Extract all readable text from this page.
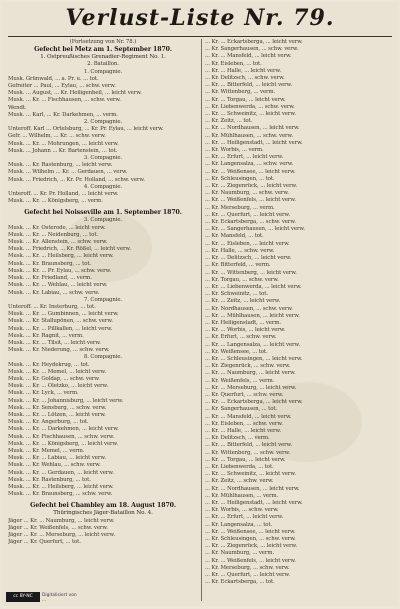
Verlust-Liste Nr. 79.
(Fortsetzung von Nr. 78.)
Gefecht bei Metz am 1. September 1870.
1. Ostpreußisches Grenadier-Regiment No. 1.
2. Bataillon.
1. Compagnie.
Musk. Grünwald, ... a. Pr. u. ... tot.
Gefreiter ... Paul, ... Eylau, ... schw. verw.
Musk. ... August, ... Kr. Heiligenbeil, ... leicht verw.
Musk. ... Kr. ... Fischhausen, ... schw. verw.
Wendt.
Musk. ... Karl, ... Kr. Darkehmen, ... verm.
2. Compagnie.
Unteroff. Karl ... Ortelsburg, ... Kr. Pr. Eylau, ... leicht verw.
Gefr. ... Wilhelm, ... Kr. ... schw. verw.
Musk. ... Kr. ... Mohrungen, ... leicht verw.
Musk. ... Johann ... Kr. Bartenstein, ... tot.
3. Compagnie.
Musk. ... Kr. Rastenburg, ... leicht verw.
Musk. ... Wilhelm ... Kr. ... Gerdauen, ... verw.
Musk. ... Friedrich, ... Kr. Pr. Holland, ... schw. verw.
4. Compagnie.
Unteroff. ... Kr. Pr. Holland, ... leicht verw.
Musk. ... Kr. ... Königsberg, ... verm.
Gefecht bei Noisseville am 1. September 1870.
3. Compagnie.
Musk. ... Kr. Osterode, ... leicht verw.
Musk. ... Kr. ... Neidenburg, ... tot.
Musk. ... Kr. Allenstein, ... schw. verw.
Musk. ... Friedrich, ... Kr. Rößel, ... leicht verw.
Musk. ... Kr. ... Heilsberg, ... leicht verw.
Musk. ... Kr. Braunsberg, ... tot.
Musk. ... Kr. ... Pr. Eylau, ... schw. verw.
Musk. ... Kr. Friedland, ... verm.
Musk. ... Kr. ... Wehlau, ... leicht verw.
Musk. ... Kr. Labiau, ... schw. verw.
7. Compagnie.
Unteroff. ... Kr. Insterburg, ... tot.
Musk. ... Kr. ... Gumbinnen, ... leicht verw.
Musk. ... Kr. Stallupönen, ... schw. verw.
Musk. ... Kr. ... Pillkallen, ... leicht verw.
Musk. ... Kr. Ragnit, ... verm.
Musk. ... Kr. ... Tilsit, ... leicht verw.
Musk. ... Kr. Niederung, ... schw. verw.
8. Compagnie.
Musk. ... Kr. Heydekrug, ... tot.
Musk. ... Kr. ... Memel, ... leicht verw.
Musk. ... Kr. Goldap, ... schw. verw.
Musk. ... Kr. ... Oletzko, ... leicht verw.
Musk. ... Kr. Lyck, ... verm.
Musk. ... Kr. ... Johannisburg, ... leicht verw.
Musk. ... Kr. Sensburg, ... schw. verw.
Musk. ... Kr. ... Lötzen, ... leicht verw.
Musk. ... Kr. Angerburg, ... tot.
Musk. ... Kr. ... Darkehmen, ... leicht verw.
Musk. ... Kr. Fischhausen, ... schw. verw.
Musk. ... Kr. ... Königsberg, ... leicht verw.
Musk. ... Kr. Memel, ... verm.
Musk. ... Kr. ... Labiau, ... leicht verw.
Musk. ... Kr. Wehlau, ... schw. verw.
Musk. ... Kr. ... Gerdauen, ... leicht verw.
Musk. ... Kr. Rastenburg, ... tot.
Musk. ... Kr. ... Heilsberg, ... leicht verw.
Musk. ... Kr. Braunsberg, ... schw. verw.
Gefecht bei Chambley am 18. August 1870.
Thüringisches Jäger-Bataillon No. 4.
Jäger ... Kr. ... Naumburg, ... leicht verw.
Jäger ... Kr. Weißenfels, ... schw. verw.
Jäger ... Kr. ... Merseburg, ... leicht verw.
Jäger ... Kr. Querfurt, ... tot.
... Kr. ... Eckartsberga, ... leicht verw.
... Kr. Sangerhausen, ... schw. verw.
... Kr. ... Mansfeld, ... leicht verw.
... Kr. Eisleben, ... tot.
... Kr. ... Halle, ... leicht verw.
... Kr. Delitzsch, ... schw. verw.
... Kr. ... Bitterfeld, ... leicht verw.
... Kr. Wittenberg, ... verm.
... Kr. ... Torgau, ... leicht verw.
... Kr. Liebenwerda, ... schw. verw.
... Kr. ... Schweinitz, ... leicht verw.
... Kr. Zeitz, ... tot.
... Kr. ... Nordhausen, ... leicht verw.
... Kr. Mühlhausen, ... schw. verw.
... Kr. ... Heiligenstadt, ... leicht verw.
... Kr. Worbis, ... verm.
... Kr. ... Erfurt, ... leicht verw.
... Kr. Langensalza, ... schw. verw.
... Kr. ... Weißensee, ... leicht verw.
... Kr. Schleusingen, ... tot.
... Kr. ... Ziegenrück, ... leicht verw.
... Kr. Naumburg, ... schw. verw.
... Kr. ... Weißenfels, ... leicht verw.
... Kr. Merseburg, ... verm.
... Kr. ... Querfurt, ... leicht verw.
... Kr. Eckartsberga, ... schw. verw.
... Kr. ... Sangerhausen, ... leicht verw.
... Kr. Mansfeld, ... tot.
... Kr. ... Eisleben, ... leicht verw.
... Kr. Halle, ... schw. verw.
... Kr. ... Delitzsch, ... leicht verw.
... Kr. Bitterfeld, ... verm.
... Kr. ... Wittenberg, ... leicht verw.
... Kr. Torgau, ... schw. verw.
... Kr. ... Liebenwerda, ... leicht verw.
... Kr. Schweinitz, ... tot.
... Kr. ... Zeitz, ... leicht verw.
... Kr. Nordhausen, ... schw. verw.
... Kr. ... Mühlhausen, ... leicht verw.
... Kr. Heiligenstadt, ... verm.
... Kr. ... Worbis, ... leicht verw.
... Kr. Erfurt, ... schw. verw.
... Kr. ... Langensalza, ... leicht verw.
... Kr. Weißensee, ... tot.
... Kr. ... Schleusingen, ... leicht verw.
... Kr. Ziegenrück, ... schw. verw.
... Kr. ... Naumburg, ... leicht verw.
... Kr. Weißenfels, ... verm.
... Kr. ... Merseburg, ... leicht verw.
... Kr. Querfurt, ... schw. verw.
... Kr. ... Eckartsberga, ... leicht verw.
... Kr. Sangerhausen, ... tot.
... Kr. ... Mansfeld, ... leicht verw.
... Kr. Eisleben, ... schw. verw.
... Kr. ... Halle, ... leicht verw.
... Kr. Delitzsch, ... verm.
... Kr. ... Bitterfeld, ... leicht verw.
... Kr. Wittenberg, ... schw. verw.
... Kr. ... Torgau, ... leicht verw.
... Kr. Liebenwerda, ... tot.
... Kr. ... Schweinitz, ... leicht verw.
... Kr. Zeitz, ... schw. verw.
... Kr. ... Nordhausen, ... leicht verw.
... Kr. Mühlhausen, ... verm.
... Kr. ... Heiligenstadt, ... leicht verw.
... Kr. Worbis, ... schw. verw.
... Kr. ... Erfurt, ... leicht verw.
... Kr. Langensalza, ... tot.
... Kr. ... Weißensee, ... leicht verw.
... Kr. Schleusingen, ... schw. verw.
... Kr. ... Ziegenrück, ... leicht verw.
... Kr. Naumburg, ... verm.
... Kr. ... Weißenfels, ... leicht verw.
... Kr. Merseburg, ... schw. verw.
... Kr. ... Querfurt, ... leicht verw.
... Kr. Eckartsberga, ... tot.
cc BY-NC	Digitalisiert von
...
